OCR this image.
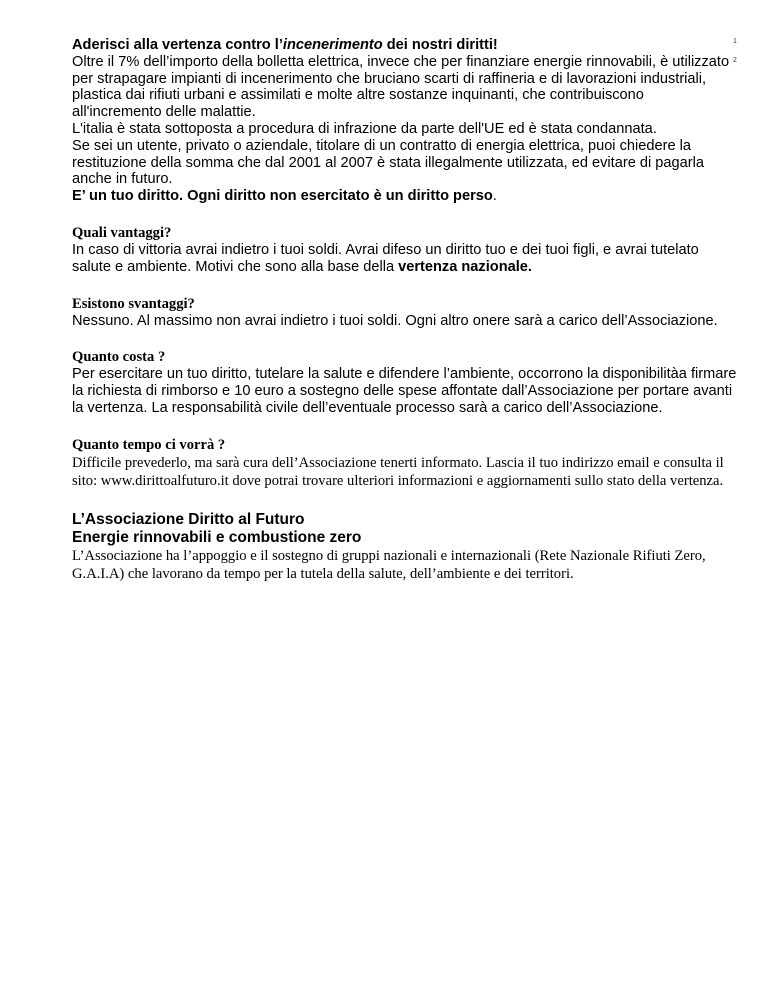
1
2

Aderisci alla vertenza contro l’incenerimento dei nostri diritti!

Oltre il 7% dell’importo della bolletta elettrica, invece che per finanziare energie rinnovabili, è utilizzato per strapagare impianti di incenerimento che bruciano scarti di raffineria e di lavorazioni industriali, plastica dai rifiuti urbani e assimilati e molte altre sostanze inquinanti, che contribuiscono all'incremento delle malattie.

L'italia è stata sottoposta a procedura di infrazione da parte dell'UE ed è stata condannata.

Se sei un utente, privato o aziendale, titolare di un contratto di energia elettrica, puoi chiedere la restituzione della somma che dal 2001 al 2007 è stata illegalmente utilizzata, ed evitare di pagarla anche in futuro.

E’ un tuo diritto. Ogni diritto non esercitato è un diritto perso.

Quali vantaggi?

In caso di vittoria avrai indietro i tuoi soldi. Avrai difeso un diritto tuo e dei tuoi figli, e avrai tutelato salute e ambiente. Motivi che sono alla base della vertenza nazionale.

Esistono svantaggi?

Nessuno. Al massimo non avrai indietro i tuoi soldi. Ogni altro onere sarà a carico dell’Associazione.

Quanto costa ?

Per esercitare un tuo diritto, tutelare la salute e difendere l’ambiente, occorrono la disponibilitàa firmare la richiesta di rimborso e 10 euro a sostegno delle spese affontate dall’Associazione per portare avanti la vertenza. La responsabilità civile dell’eventuale processo sarà a carico dell’Associazione.

Quanto tempo ci vorrà ?

Difficile prevederlo, ma sarà cura dell’Associazione tenerti informato. Lascia il tuo indirizzo email e consulta il sito: www.dirittoalfuturo.it dove potrai trovare ulteriori informazioni e aggiornamenti sullo stato della vertenza.

L’Associazione Diritto al Futuro

Energie rinnovabili e combustione zero

L’Associazione ha l’appoggio e il sostegno di gruppi nazionali e internazionali (Rete Nazionale Rifiuti Zero, G.A.I.A) che lavorano da tempo per la tutela della salute, dell’ambiente e dei territori.
